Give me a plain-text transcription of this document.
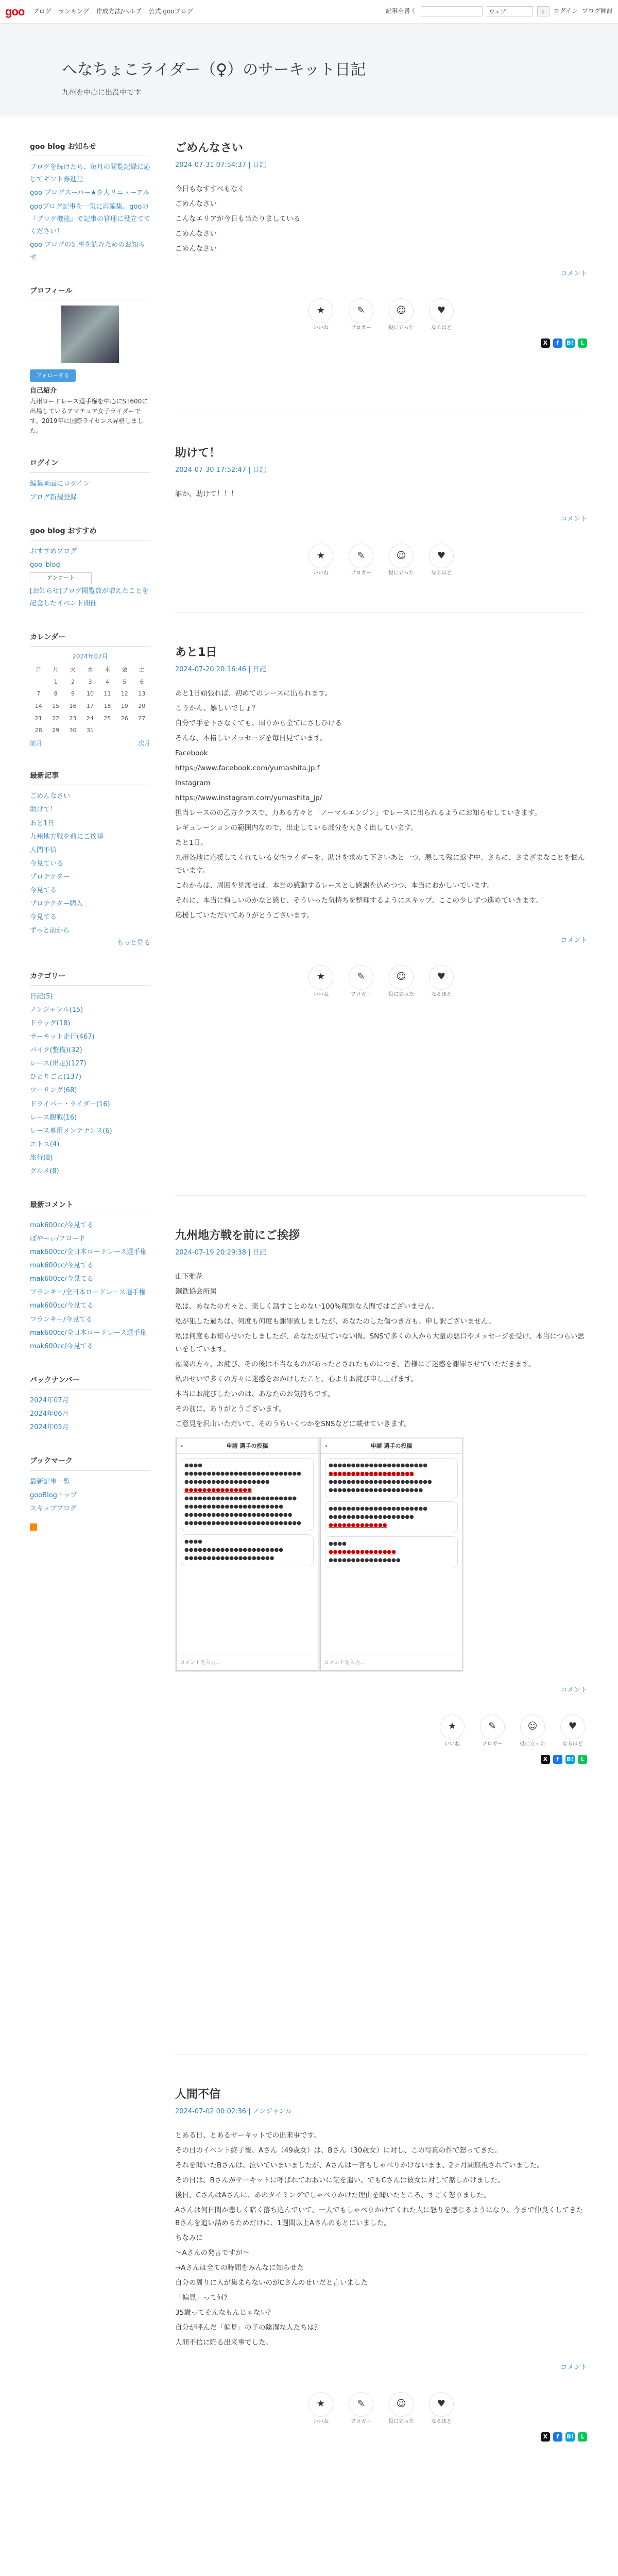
goo ブログ ランキング 作成方法/ヘルプ 公式 gooブログ	記事を書く	ウェブ	⌕	ログイン ブログ開設
へなちょこライダー（♀）のサーキット日記

九州を中心に出没中です

goo blog お知らせ
ブログを続けたら、毎月の閲覧記録に応じてギフト券進呈
goo ブログスーパー★を大リニューアル
gooブログ記事を一気に再編集。gooの『ブログ機能』で記事の管理に役立ててください！
goo ブログの記事を読むためのお知らせ
プロフィール
フォローする
自己紹介
九州ロードレース選手権を中心にST600に出場しているアマチュア女子ライダーです。2019年に国際ライセンス昇格しました。
ログイン
編集画面にログイン
ブログ新規登録
goo blog おすすめ
おすすめブログ
goo_blog
アンケート
[お知らせ]ブログ閲覧数が増えたことを記念したイベント開催
カレンダー
2024年07月						
日	月	火	水	木	金	土
	1	2	3	4	5	6
7	8	9	10	11	12	13
14	15	16	17	18	19	20
21	22	23	24	25	26	27
28	29	30	31			
前月	次月
最新記事
ごめんなさい
助けて！
あと1日
九州地方戦を前にご挨拶
人間不信
今見ている
プロテクター
今見てる
プロテクター購入
今見てる
ずっと前から
もっと見る
カテゴリー
日記(5)
ノンジャンル(15)
ドラッグ(18)
サーキット走行(467)
バイク(整備)(32)
レース(出走)(127)
ひとりごと(137)
ツーリング(68)
ドライバー・ライダー(16)
レース観戦(16)
レース専用メンテナンス(6)
エトス(4)
旅行(8)
グルメ(8)
最新コメント
mak600cc/今見てる
ぼやーぃ/フロード
mak600cc/全日本ロードレース選手権
mak600cc/今見てる
mak600cc/今見てる
フランキー/全日本ロードレース選手権
mak600cc/今見てる
フランキー/今見てる
mak600cc/全日本ロードレース選手権
mak600cc/今見てる
バックナンバー
2024年07月
2024年06月
2024年05月
ブックマーク
最新記事一覧
gooBlogトップ
スキップブログ
ごめんなさい
2024-07-31 07:54:37 | 日記

今日もなすすべもなく

ごめんなさい

こんなエリアが今日も当たりましている

ごめんなさい

ごめんなさい

コメント
★
いいね
✎
ブロガー
☺
役に立った
♥
なるほど
X	f	B!	L
助けて！
2024-07-30 17:52:47 | 日記

誰か、助けて！！！

コメント
★
いいね
✎
ブロガー
☺
役に立った
♥
なるほど
あと1日
2024-07-20 20:16:46 | 日記

あと1日頑張れば、初めてのレースに出られます。

こうかん、嬉しいでしょ？

自分で手を下さなくても、周りから全てにさしひける

そんな、本格しいメッセージを毎日見ています。

Facebook

https://www.facebook.com/yumashita.jp.f

Instagram

https://www.instagram.com/yumashita_jp/

担当レースのの乙方クラスで、力ある方々と「ノーマルエンジン」でレースに出られるようにお知らせしていきます。

レギュレーションの範囲内なので、出走している部分を大きく出しています。

あと1日。

九州各地に応援してくれている女性ライダーを、助けを求めて下さいあと一つ、悪して残に返す中、さらに、さまざまなことを悩んでいます。

これからは、周囲を見渡せば、本当の感動するレースとし感謝を込めつつ、本当におかしいでいます。

それに、本当に悔しいのかなと感じ、そういった気持ちを整理するようにスキップ、ここの少しずつ進めていきます。

応援していただいてありがとうございます。

コメント
★
いいね
✎
ブロガー
☺
役に立った
♥
なるほど
九州地方戦を前にご挨拶
2024-07-19 20:29:38 | 日記

山下雅花

鋼鉄協会所属

私は、あなたの方々と、楽しく話すことのない100%理想な人間ではございません。

私が犯した過ちは、何度も何度も謝罪致しましたが、あなたのした傷つき方も、申し訳ございません。

私は何度もお知らせいたしましたが、あなたが見ていない間、SNSで多くの人から大量の悪口やメッセージを受け、本当につらい思いをしています。

福岡の方々、お詫び、その後は不当なものがあったとされたものにつき、皆様にご迷惑を謝罪させていただきます。

私のせいで多くの方々に迷惑をおかけしたこと、心よりお詫び申し上げます。

本当にお詫びしたいのは、あなたのお気持ちです。

その前に、ありがとうございます。

ご意見を沢山いただいて、そのうちいくつかをSNSなどに載せていきます。

‹	申請 選手の投稿
●●●●
●●●●●●●●●●●●●●●●●●●●●●●●●●
●●●●●●●●●●●●●●●●●●●
●●●●●●●●●●●●●●●
●●●●●●●●●●●●●●●●●●●●●●●●●
●●●●●●●●●●●●●●●●●●●●●●
●●●●●●●●●●●●●●●●●●●●●●●●
●●●●●●●●●●●●●●●●●●●●●●●●●●
●●●●
●●●●●●●●●●●●●●●●●●●●●●
●●●●●●●●●●●●●●●●●●●●
コメントを入力...
‹	申請 選手の投稿
●●●●●●●●●●●●●●●●●●●●●●
●●●●●●●●●●●●●●●●●●●
●●●●●●●●●●●●●●●●●●●●●●●
●●●●●●●●●●●●●●●●●●●●●
●●●●●●●●●●●●●●●●●●●●●●
●●●●●●●●●●●●●●●●●●●
●●●●●●●●●●●●●
●●●●
●●●●●●●●●●●●●●●
●●●●●●●●●●●●●●●●
コメントを入力...
コメント
★
いいね
✎
ブロガー
☺
役に立った
♥
なるほど
X	f	B!	L
人間不信
2024-07-02 00:02:36 | ノンジャンル

とある日、とあるサーキットでの出来事です。

その日のイベント終了後、Aさん（49歳女）は、Bさん（30歳女）に対し、この写真の件で怒ってきた。

それを聞いたBさんは、泣いていまいましたが、Aさんは一言もしゃべりかけないまま、2ヶ月間無視されていました。

その日は、Bさんがサーキットに呼ばれておおいに気を遣い、でもCさんは彼女に対して話しかけました。

後日、CさんはAさんに、あのタイミングでしゃべりかけた理由を聞いたところ、すごく怒りました。

Aさんは何日間か悲しく暗く落ち込んでいて、一人でもしゃべりかけてくれた人に怒りを感じるようになり、今まで仲良くしてきたBさんを追い詰めるためだけに、1週間以上Aさんのもとにいました。

ちなみに

～Aさんの発言ですが～

→Aさんは全ての時間をみんなに知らせた

自分の周りに人が集まらないのがCさんのせいだと言いました

「偏見」って何？

35歳ってそんなもんじゃない？

自分が呼んだ「偏見」の子の陰湿な人たちは？

人間不信に陥る出来事でした。

コメント
★
いいね
✎
ブロガー
☺
役に立った
♥
なるほど
X	f	B!	L
